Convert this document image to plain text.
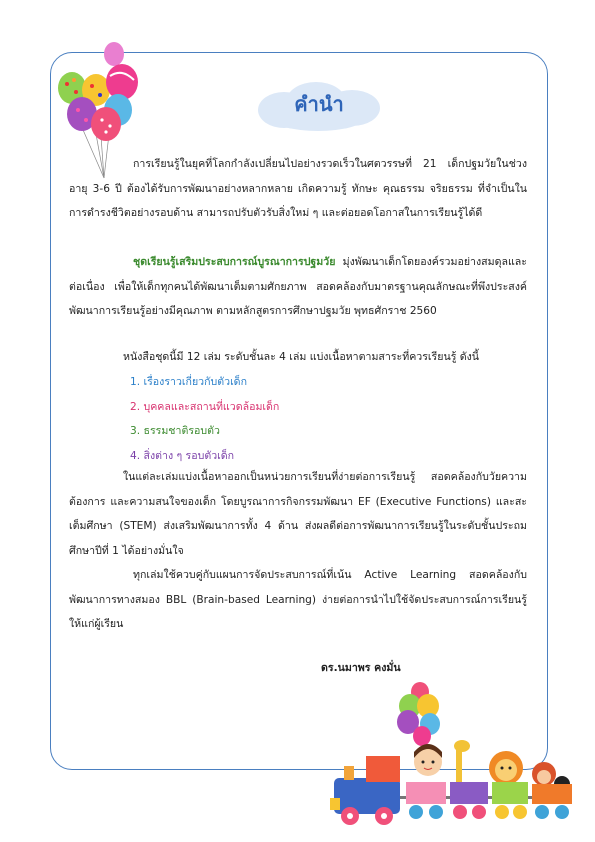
คำนำ

การเรียนรู้ในยุคที่โลกกำลังเปลี่ยนไปอย่างรวดเร็วในศตวรรษที่ 21 เด็กปฐมวัยในช่วงอายุ 3-6 ปี ต้องได้รับการพัฒนาอย่างหลากหลาย เกิดความรู้ ทักษะ คุณธรรม จริยธรรม ที่จำเป็นในการดำรงชีวิตอย่างรอบด้าน สามารถปรับตัวรับสิ่งใหม่ ๆ และต่อยอดโอกาสในการเรียนรู้ได้ดี

ชุดเรียนรู้เสริมประสบการณ์บูรณาการปฐมวัย มุ่งพัฒนาเด็กโดยองค์รวมอย่างสมดุลและต่อเนื่อง เพื่อให้เด็กทุกคนได้พัฒนาเต็มตามศักยภาพ สอดคล้องกับมาตรฐานคุณลักษณะที่พึงประสงค์ พัฒนาการเรียนรู้อย่างมีคุณภาพ ตามหลักสูตรการศึกษาปฐมวัย พุทธศักราช 2560

หนังสือชุดนี้มี 12 เล่ม ระดับชั้นละ 4 เล่ม แบ่งเนื้อหาตามสาระที่ควรเรียนรู้ ดังนี้

1. เรื่องราวเกี่ยวกับตัวเด็ก
2. บุคคลและสถานที่แวดล้อมเด็ก
3. ธรรมชาติรอบตัว
4. สิ่งต่าง ๆ รอบตัวเด็ก

ในแต่ละเล่มแบ่งเนื้อหาออกเป็นหน่วยการเรียนที่ง่ายต่อการเรียนรู้ สอดคล้องกับวัยความต้องการ และความสนใจของเด็ก โดยบูรณาการกิจกรรมพัฒนา EF (Executive Functions) และสะเต็มศึกษา (STEM) ส่งเสริมพัฒนาการทั้ง 4 ด้าน ส่งผลดีต่อการพัฒนาการเรียนรู้ในระดับชั้นประถมศึกษาปีที่ 1 ได้อย่างมั่นใจ

ทุกเล่มใช้ควบคู่กับแผนการจัดประสบการณ์ที่เน้น Active Learning สอดคล้องกับพัฒนาการทางสมอง BBL (Brain-based Learning) ง่ายต่อการนำไปใช้จัดประสบการณ์การเรียนรู้ให้แก่ผู้เรียน

ดร.นมาพร คงมั่น
